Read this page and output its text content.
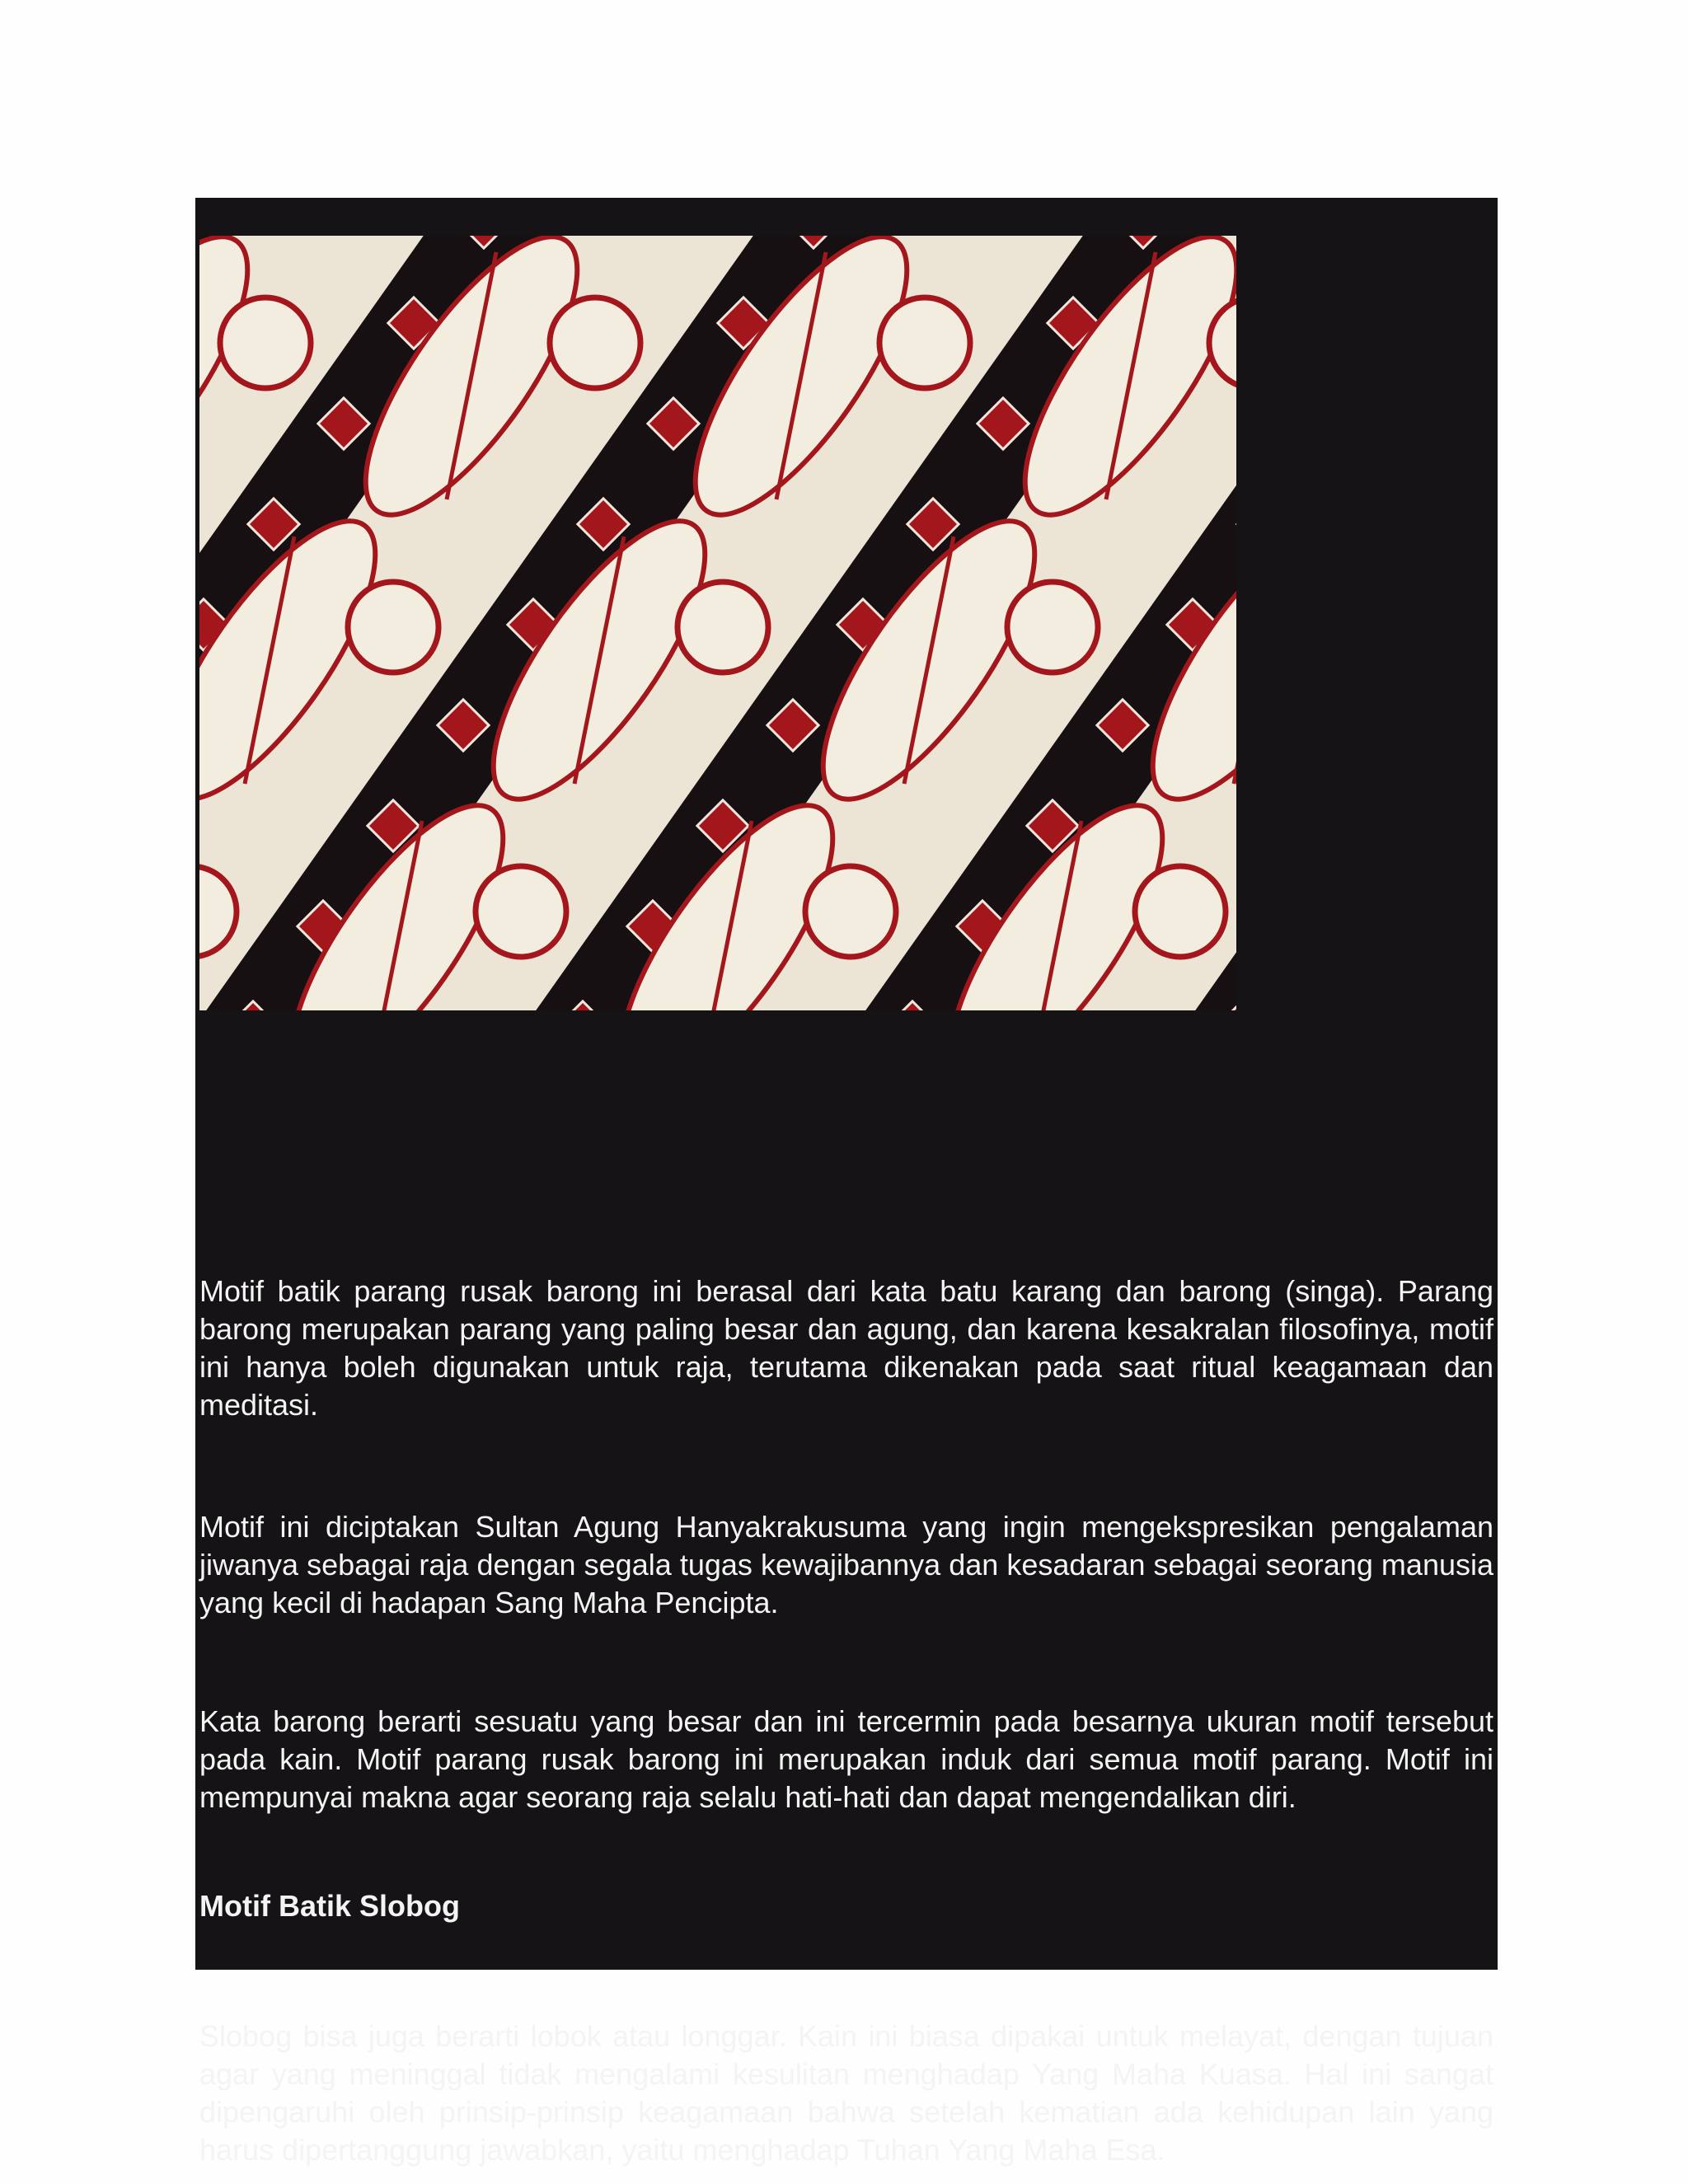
Motif batik parang rusak barong ini berasal dari kata batu karang dan barong (singa). Parang barong merupakan parang yang paling besar dan agung, dan karena kesakralan filosofinya, motif ini hanya boleh digunakan untuk raja, terutama dikenakan pada saat ritual keagamaan dan meditasi.

Motif ini diciptakan Sultan Agung Hanyakrakusuma yang ingin mengekspresikan pengalaman jiwanya sebagai raja dengan segala tugas kewajibannya dan kesadaran sebagai seorang manusia yang kecil di hadapan Sang Maha Pencipta.

Kata barong berarti sesuatu yang besar dan ini tercermin pada besarnya ukuran motif tersebut pada kain. Motif parang rusak barong ini merupakan induk dari semua motif parang. Motif ini mempunyai makna agar seorang raja selalu hati-hati dan dapat mengendalikan diri.

Motif Batik Slobog

Slobog bisa juga berarti lobok atau longgar. Kain ini biasa dipakai untuk melayat, dengan tujuan agar yang meninggal tidak mengalami kesulitan menghadap Yang Maha Kuasa. Hal ini sangat dipengaruhi oleh prinsip-prinsip keagamaan bahwa setelah kematian ada kehidupan lain yang harus dipertanggung jawabkan, yaitu menghadap Tuhan Yang Maha Esa.
